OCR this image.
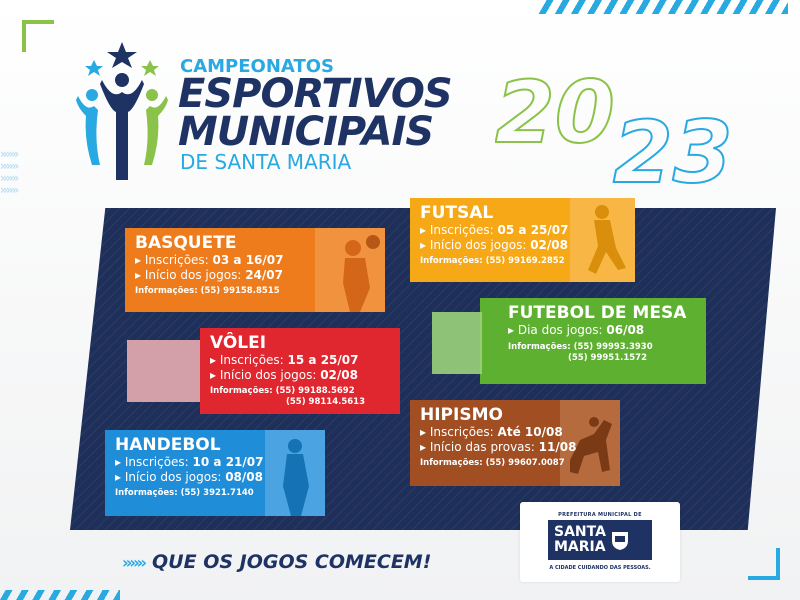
»»»
»»»
»»»
»»»
CAMPEONATOS
ESPORTIVOS
MUNICIPAIS
DE SANTA MARIA 20
23
BASQUETE
▸ Inscrições: 03 a 16/07
▸ Início dos jogos: 24/07
Informações: (55) 99158.8515
FUTSAL
▸ Inscrições: 05 a 25/07
▸ Início dos jogos: 02/08
Informações: (55) 99169.2852
VÔLEI
▸ Inscrições: 15 a 25/07
▸ Início dos jogos: 02/08
Informações: (55) 99188.5692
(55) 98114.5613
FUTEBOL DE MESA
▸ Dia dos jogos: 06/08
Informações: (55) 99993.3930
(55) 99951.1572
HANDEBOL
▸ Inscrições: 10 a 21/07
▸ Início dos jogos: 08/08
Informações: (55) 3921.7140
HIPISMO
▸ Inscrições: Até 10/08
▸ Início das provas: 11/08
Informações: (55) 99607.0087
»»» QUE OS JOGOS COMECEM!
PREFEITURA MUNICIPAL DE
SANTA
MARIA
A CIDADE CUIDANDO DAS PESSOAS.
